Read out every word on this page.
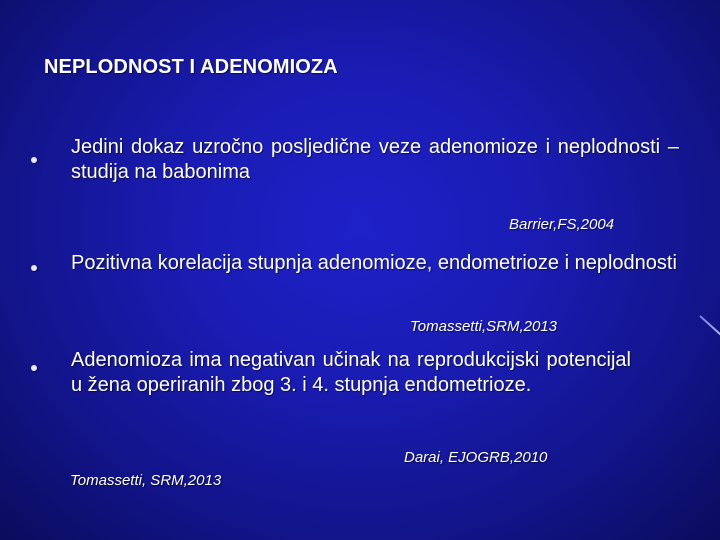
NEPLODNOST I ADENOMIOZA
Jedini dokaz uzročno posljedične veze adenomioze i neplodnosti – studija na babonima
Barrier,FS,2004
Pozitivna korelacija stupnja adenomioze, endometrioze i neplodnosti
Tomassetti,SRM,2013
Adenomioza ima negativan učinak na reprodukcijski potencijal u žena operiranih zbog 3. i 4. stupnja endometrioze.
Darai, EJOGRB,2010
Tomassetti, SRM,2013
